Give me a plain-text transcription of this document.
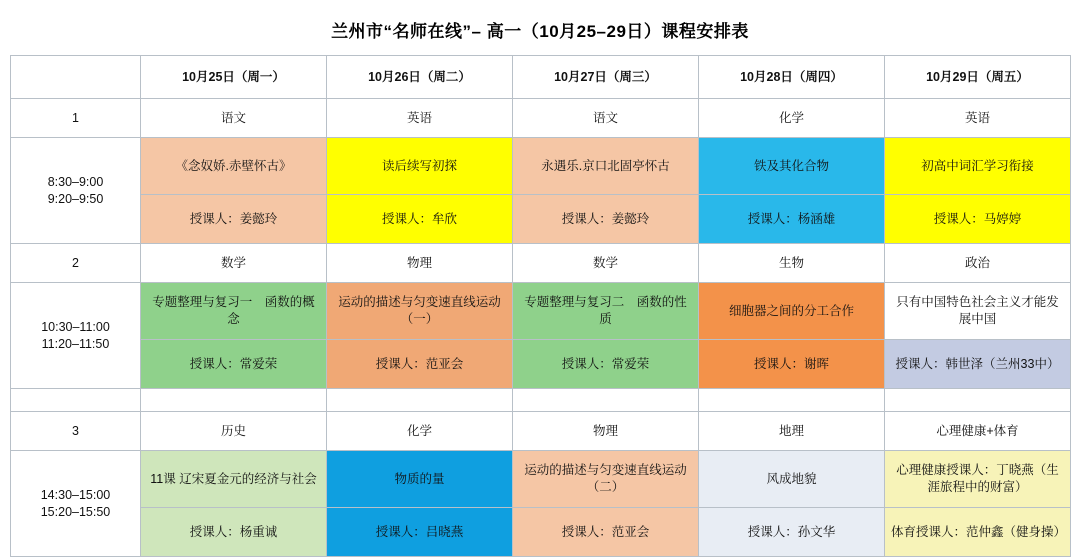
兰州市“名师在线”– 高一（10月25–29日）课程安排表
	10月25日（周一）	10月26日（周二）	10月27日（周三）	10月28日（周四）	10月29日（周五）
1	语文	英语	语文	化学	英语

8:30–9:00
9:20–9:50	《念奴娇.赤壁怀古》	读后续写初探	永遇乐.京口北固亭怀古	铁及其化合物	初高中词汇学习衔接
	授课人：姜懿玲	授课人：牟欣	授课人：姜懿玲	授课人：杨涵雄	授课人：马婷婷
2	数学	物理	数学	生物	政治

10:30–11:00
11:20–11:50	专题整理与复习一　函数的概念	运动的描述与匀变速直线运动（一）	专题整理与复习二　函数的性质	细胞器之间的分工合作	只有中国特色社会主义才能发展中国
	授课人：常爱荣	授课人：范亚会	授课人：常爱荣	授课人：谢晖	授课人：韩世泽（兰州33中）

3	历史	化学	物理	地理	心理健康+体育

14:30–15:00
15:20–15:50	11课 辽宋夏金元的经济与社会	物质的量	运动的描述与匀变速直线运动（二）	风成地貌	心理健康授课人：丁晓燕（生涯旅程中的财富）
	授课人：杨重诚	授课人：吕晓燕	授课人：范亚会	授课人：孙文华	体育授课人：范仲鑫（健身操）
